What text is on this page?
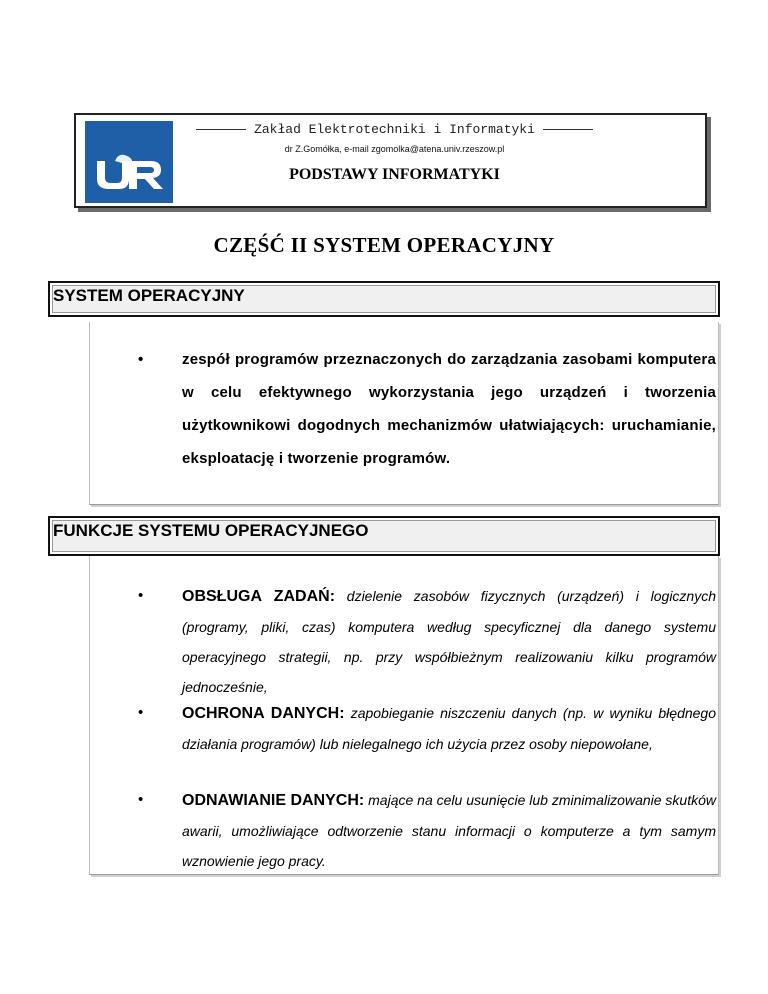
Zakład Elektrotechniki i Informatyki
dr Z.Gomółka, e-mail zgomolka@atena.univ.rzeszow.pl
PODSTAWY INFORMATYKI
CZĘŚĆ II SYSTEM OPERACYJNY
SYSTEM OPERACYJNY
•	zespół programów przeznaczonych do zarządzania zasobami komputera w celu efektywnego wykorzystania jego urządzeń i tworzenia użytkownikowi dogodnych mechanizmów ułatwiających: uruchamianie, eksploatację i tworzenie programów.
FUNKCJE SYSTEMU OPERACYJNEGO
•	OBSŁUGA ZADAŃ: dzielenie zasobów fizycznych (urządzeń) i logicznych (programy, pliki, czas) komputera według specyficznej dla danego systemu operacyjnego strategii, np. przy współbieżnym realizowaniu kilku programów jednocześnie,
•	OCHRONA DANYCH: zapobieganie niszczeniu danych (np. w wyniku błędnego działania programów) lub nielegalnego ich użycia przez osoby niepowołane,
•	ODNAWIANIE DANYCH: mające na celu usunięcie lub zminimalizowanie skutków awarii, umożliwiające odtworzenie stanu informacji o komputerze a tym samym wznowienie jego pracy.
